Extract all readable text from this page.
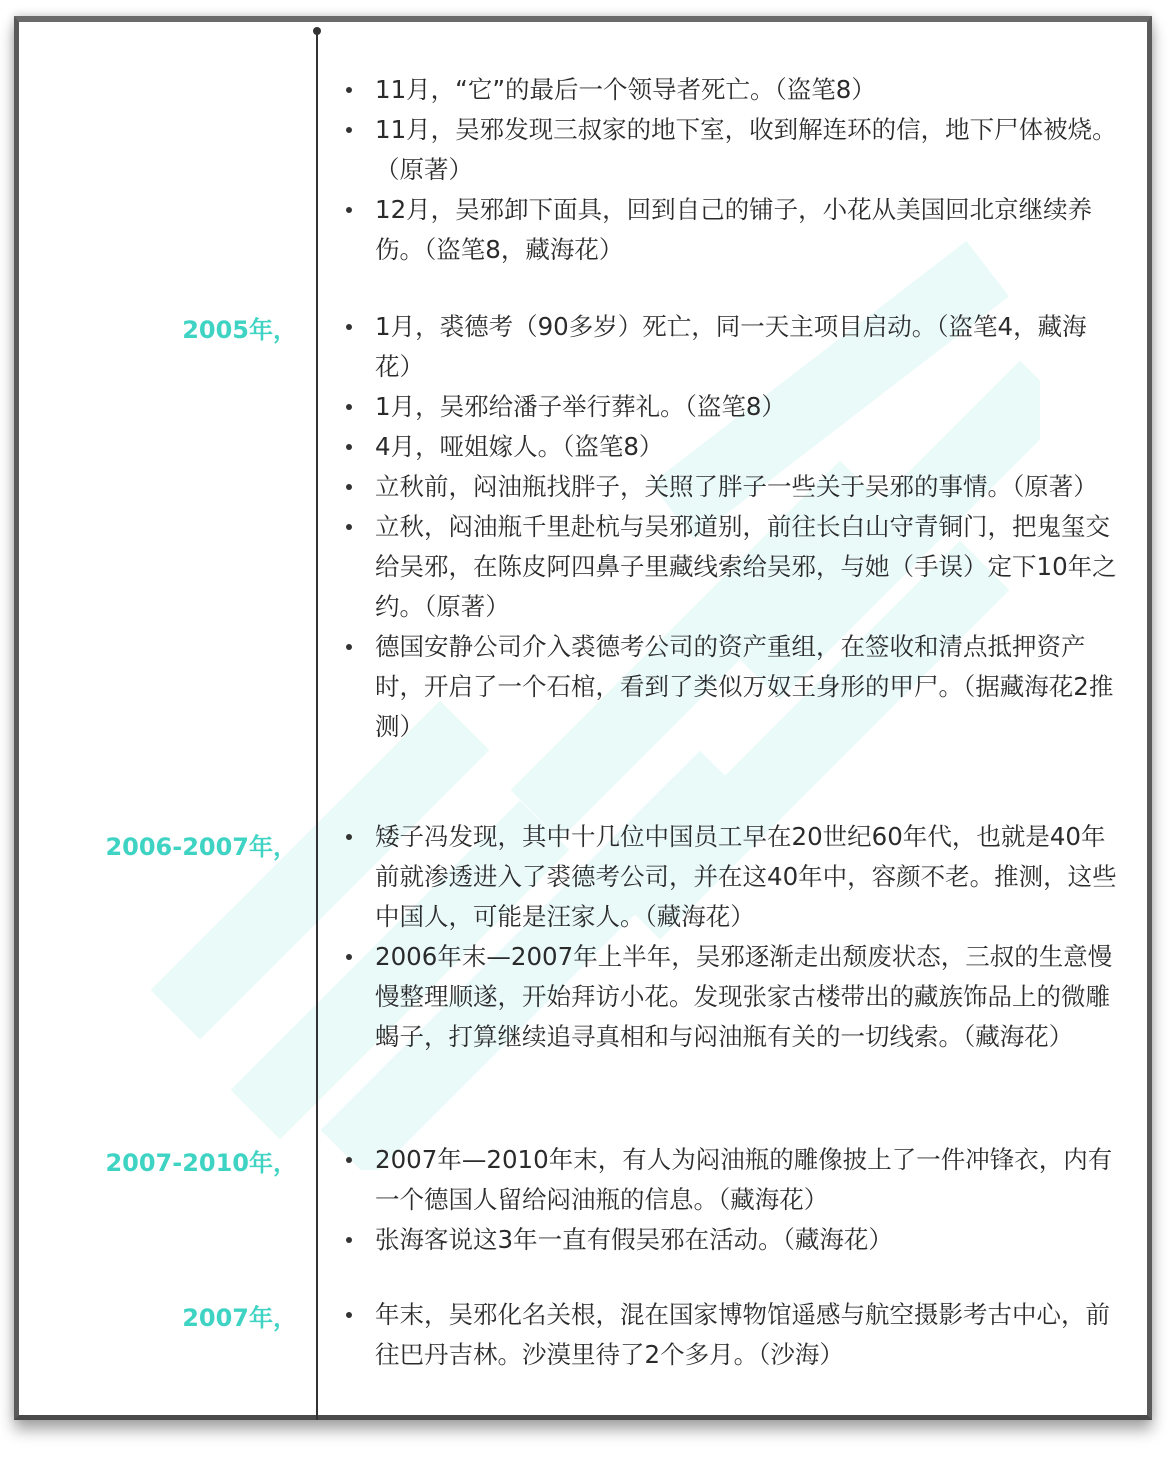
11月，“它”的最后一个领导者死亡。（盗笔8）
11月，吴邪发现三叔家的地下室，收到解连环的信，地下尸体被烧。（原著）
12月，吴邪卸下面具，回到自己的铺子，小花从美国回北京继续养伤。（盗笔8，藏海花）
2005年，	1月，裘德考（90多岁）死亡，同一天主项目启动。（盗笔4，藏海花）
1月，吴邪给潘子举行葬礼。（盗笔8）
4月，哑姐嫁人。（盗笔8）
立秋前，闷油瓶找胖子，关照了胖子一些关于吴邪的事情。（原著）
立秋，闷油瓶千里赴杭与吴邪道别，前往长白山守青铜门，把鬼玺交给吴邪，在陈皮阿四鼻子里藏线索给吴邪，与她（手误）定下10年之约。（原著）
德国安静公司介入裘德考公司的资产重组，在签收和清点抵押资产时，开启了一个石棺，看到了类似万奴王身形的甲尸。（据藏海花2推测）
2006-2007年，	矮子冯发现，其中十几位中国员工早在20世纪60年代，也就是40年前就渗透进入了裘德考公司，并在这40年中，容颜不老。推测，这些中国人，可能是汪家人。（藏海花）
2006年末—2007年上半年，吴邪逐渐走出颓废状态，三叔的生意慢慢整理顺遂，开始拜访小花。发现张家古楼带出的藏族饰品上的微雕蝎子，打算继续追寻真相和与闷油瓶有关的一切线索。（藏海花）
2007-2010年，	2007年—2010年末，有人为闷油瓶的雕像披上了一件冲锋衣，内有一个德国人留给闷油瓶的信息。（藏海花）
张海客说这3年一直有假吴邪在活动。（藏海花）
2007年，	年末，吴邪化名关根，混在国家博物馆遥感与航空摄影考古中心，前往巴丹吉林。沙漠里待了2个多月。（沙海）
